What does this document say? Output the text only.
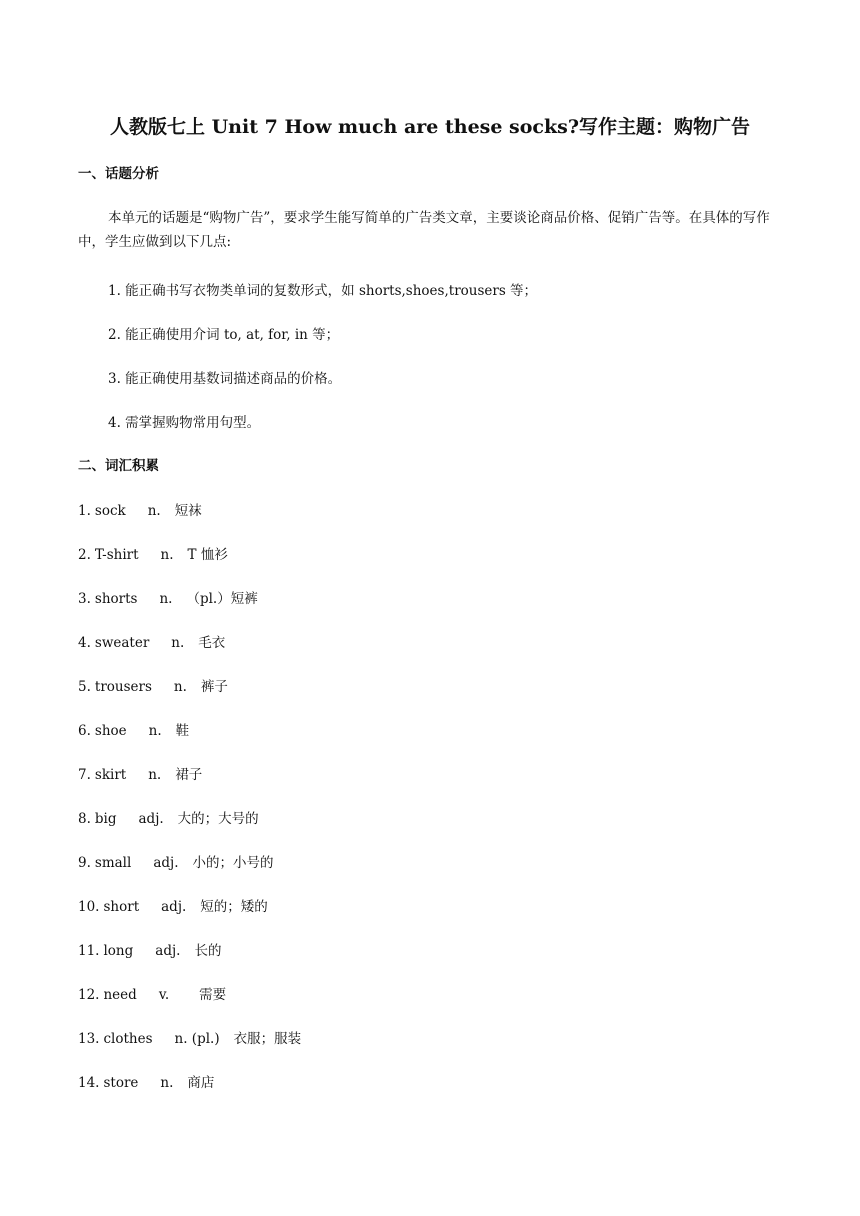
人教版七上 Unit 7 How much are these socks?写作主题：购物广告
一、话题分析
本单元的话题是“购物广告”，要求学生能写简单的广告类文章，主要谈论商品价格、促销广告等。在具体的写作中，学生应做到以下几点:
1. 能正确书写衣物类单词的复数形式，如 shorts,shoes,trousers 等；
2. 能正确使用介词 to, at, for, in 等；
3. 能正确使用基数词描述商品的价格。
4. 需掌握购物常用句型。
二、词汇积累
1. sock n. 短袜
2. T-shirt n. T 恤衫
3. shorts n. （pl.）短裤
4. sweater n. 毛衣
5. trousers n. 裤子
6. shoe n. 鞋
7. skirt n. 裙子
8. big adj. 大的；大号的
9. small adj. 小的；小号的
10. short adj. 短的；矮的
11. long adj. 长的
12. need v. 需要
13. clothes n. (pl.) 衣服；服装
14. store n. 商店
